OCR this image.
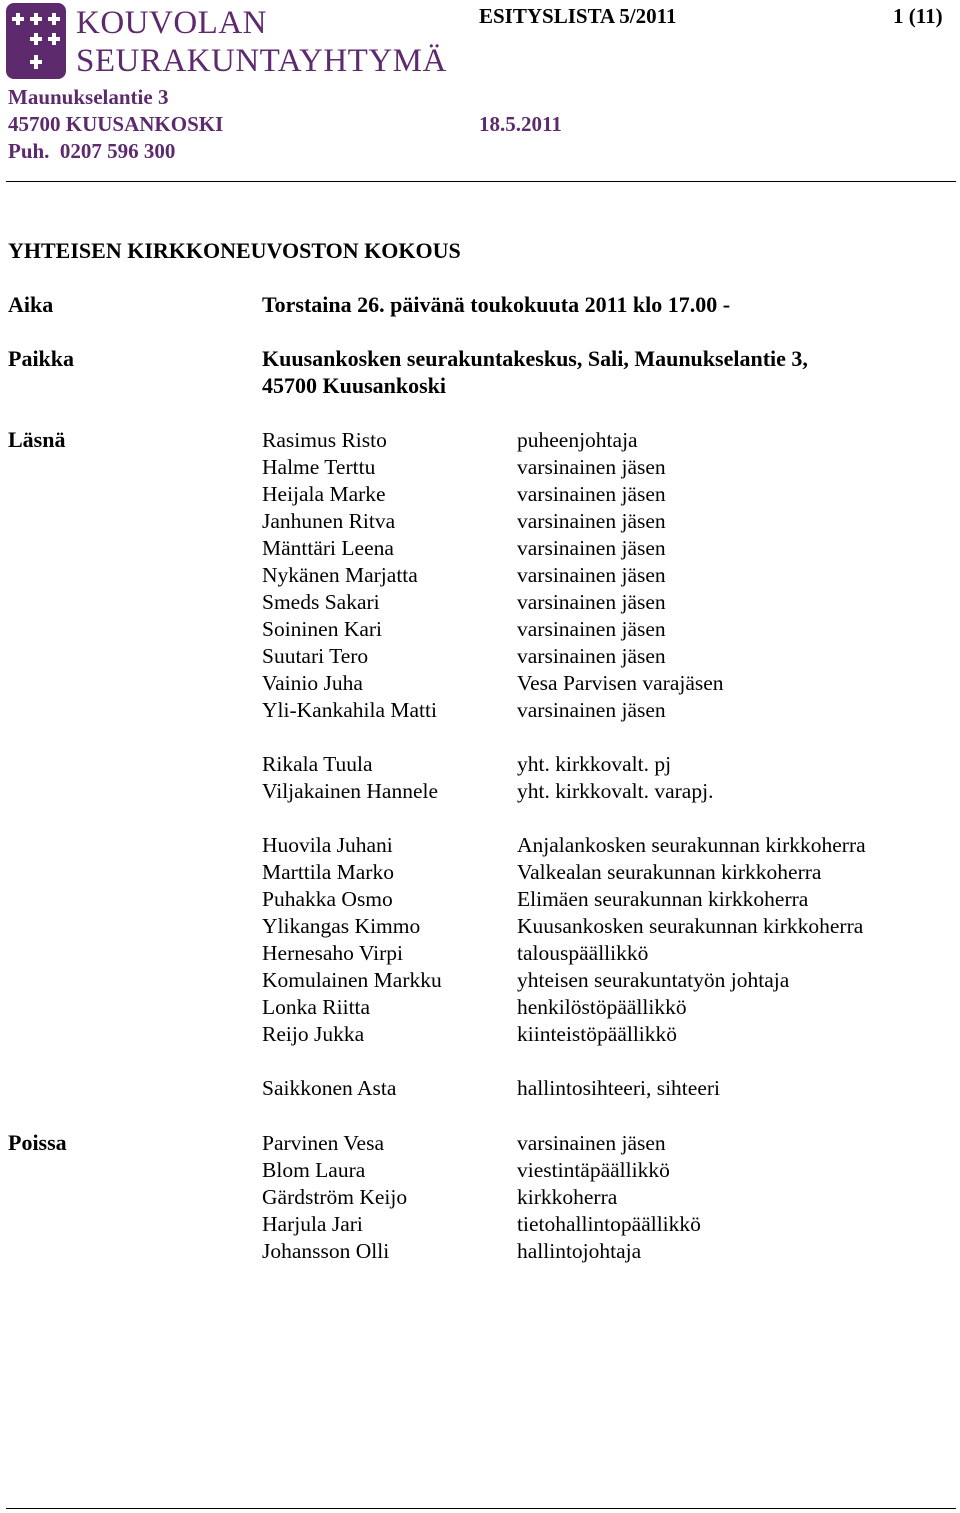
KOUVOLAN
SEURAKUNTAYHTYMÄ
ESITYSLISTA 5/2011	1 (11)
Maunukselantie 3
45700 KUUSANKOSKI	18.5.2011
Puh.  0207 596 300
YHTEISEN KIRKKONEUVOSTON KOKOUS
Aika	Torstaina 26. päivänä toukokuuta 2011 klo 17.00 -
Paikka	Kuusankosken seurakuntakeskus, Sali, Maunukselantie 3,
45700 Kuusankoski
Läsnä	Rasimus Risto	puheenjohtaja
Halme Terttu	varsinainen jäsen
Heijala Marke	varsinainen jäsen
Janhunen Ritva	varsinainen jäsen
Mänttäri Leena	varsinainen jäsen
Nykänen Marjatta	varsinainen jäsen
Smeds Sakari	varsinainen jäsen
Soininen Kari	varsinainen jäsen
Suutari Tero	varsinainen jäsen
Vainio Juha	Vesa Parvisen varajäsen
Yli-Kankahila Matti	varsinainen jäsen
Rikala Tuula	yht. kirkkovalt. pj
Viljakainen Hannele	yht. kirkkovalt. varapj.
Huovila Juhani	Anjalankosken seurakunnan kirkkoherra
Marttila Marko	Valkealan seurakunnan kirkkoherra
Puhakka Osmo	Elimäen seurakunnan kirkkoherra
Ylikangas Kimmo	Kuusankosken seurakunnan kirkkoherra
Hernesaho Virpi	talouspäällikkö
Komulainen Markku	yhteisen seurakuntatyön johtaja
Lonka Riitta	henkilöstöpäällikkö
Reijo Jukka	kiinteistöpäällikkö
Saikkonen Asta	hallintosihteeri, sihteeri
Poissa	Parvinen Vesa	varsinainen jäsen
Blom Laura	viestintäpäällikkö
Gärdström Keijo	kirkkoherra
Harjula Jari	tietohallintopäällikkö
Johansson Olli	hallintojohtaja
